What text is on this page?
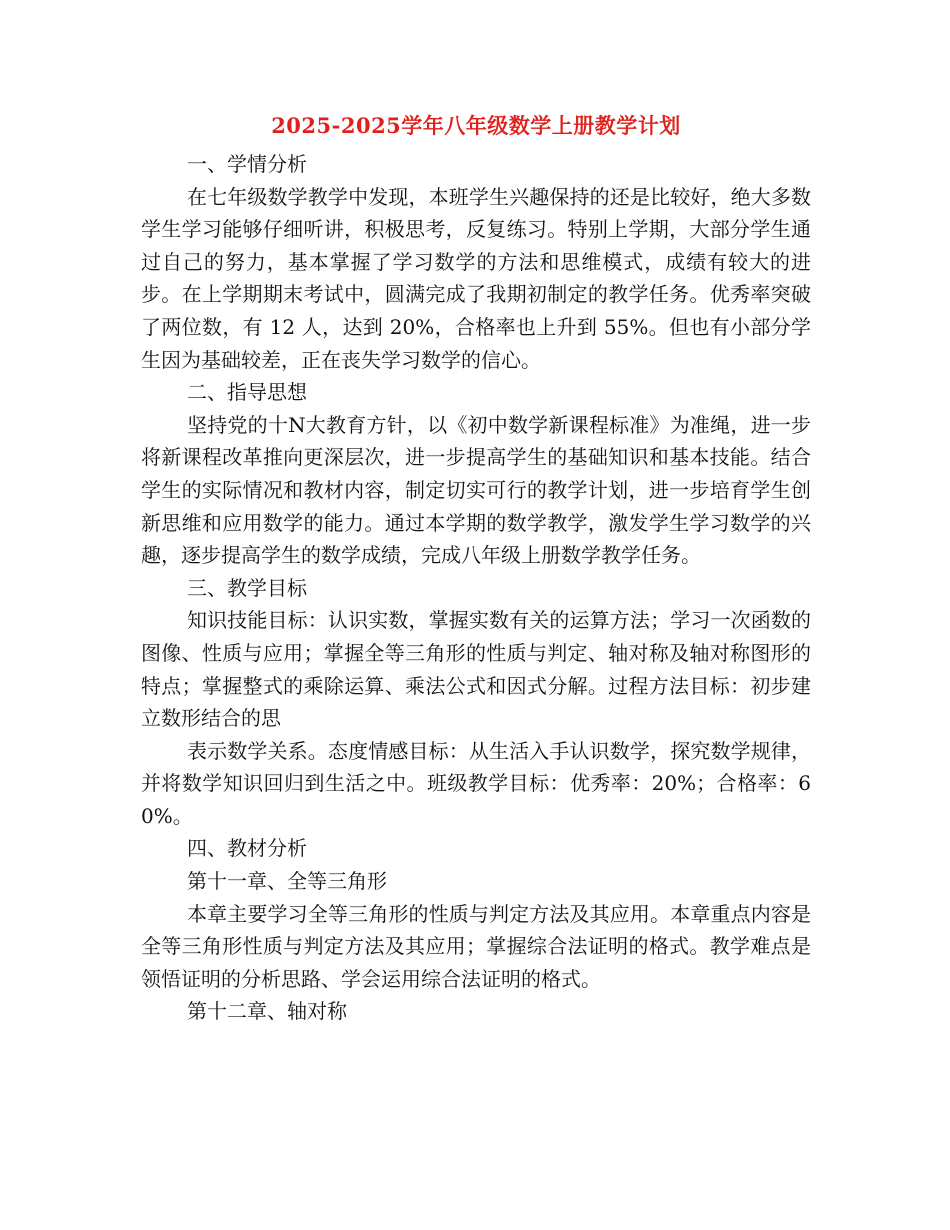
2025-2025学年八年级数学上册教学计划

一、学情分析

在七年级数学教学中发现，本班学生兴趣保持的还是比较好，绝大多数学生学习能够仔细听讲，积极思考，反复练习。特别上学期，大部分学生通过自己的努力，基本掌握了学习数学的方法和思维模式，成绩有较大的进步。在上学期期末考试中，圆满完成了我期初制定的教学任务。优秀率突破了两位数，有 12 人，达到 20%，合格率也上升到 55%。但也有小部分学生因为基础较差，正在丧失学习数学的信心。

二、指导思想

坚持党的十N大教育方针，以《初中数学新课程标准》为准绳，进一步将新课程改革推向更深层次，进一步提高学生的基础知识和基本技能。结合学生的实际情况和教材内容，制定切实可行的教学计划，进一步培育学生创新思维和应用数学的能力。通过本学期的数学教学，激发学生学习数学的兴趣，逐步提高学生的数学成绩，完成八年级上册数学教学任务。

三、教学目标

知识技能目标：认识实数，掌握实数有关的运算方法；学习一次函数的图像、性质与应用；掌握全等三角形的性质与判定、轴对称及轴对称图形的特点；掌握整式的乘除运算、乘法公式和因式分解。过程方法目标：初步建立数形结合的思

表示数学关系。态度情感目标：从生活入手认识数学，探究数学规律，并将数学知识回归到生活之中。班级教学目标：优秀率：20%；合格率：60%。

四、教材分析

第十一章、全等三角形

本章主要学习全等三角形的性质与判定方法及其应用。本章重点内容是全等三角形性质与判定方法及其应用；掌握综合法证明的格式。教学难点是领悟证明的分析思路、学会运用综合法证明的格式。

第十二章、轴对称
